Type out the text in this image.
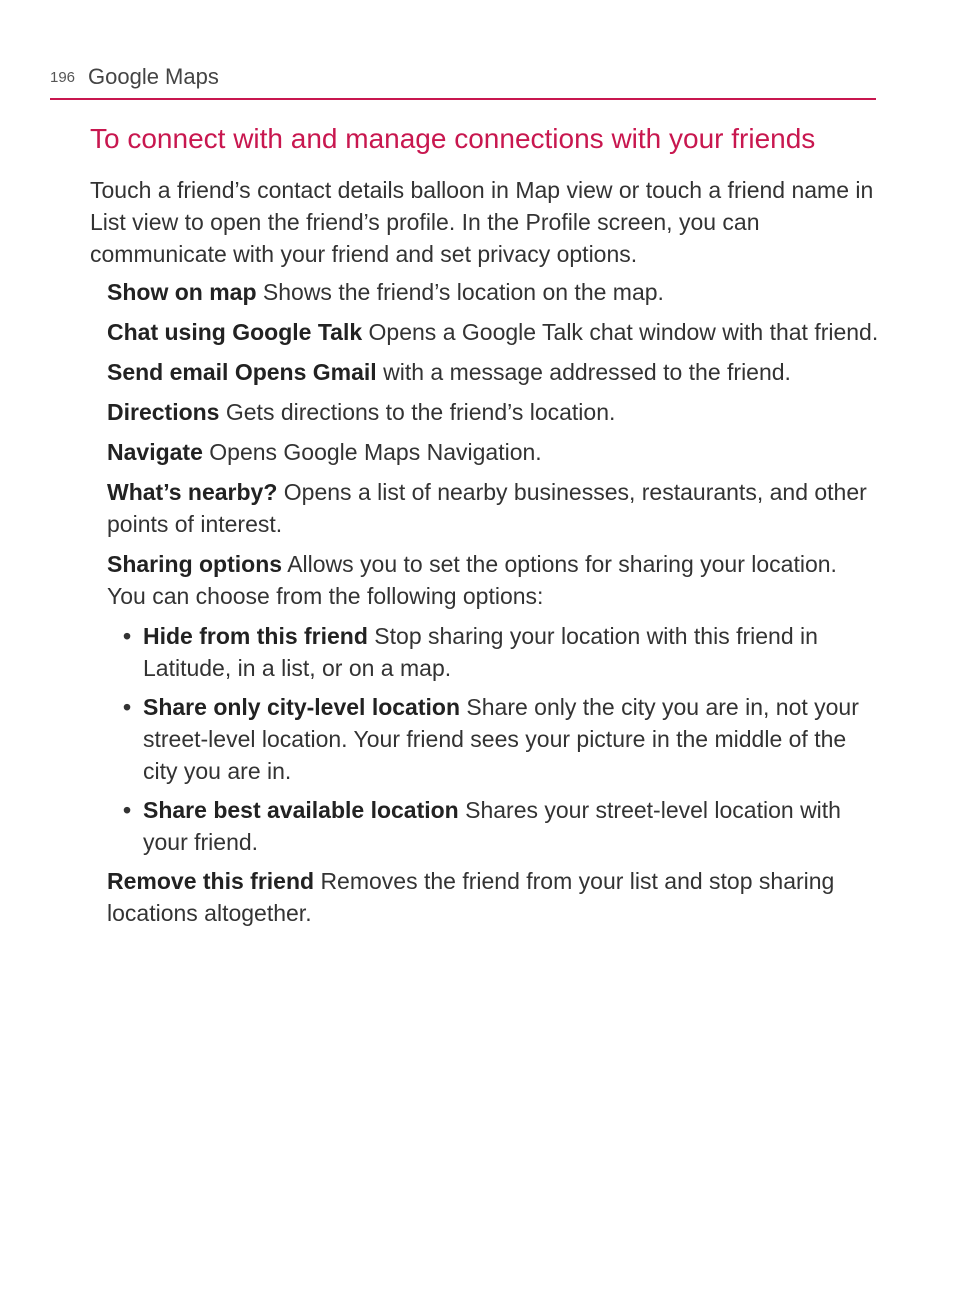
196 Google Maps
To connect with and manage connections with your friends

Touch a friend’s contact details balloon in Map view or touch a friend name in List view to open the friend’s profile. In the Profile screen, you can communicate with your friend and set privacy options.

Show on map Shows the friend’s location on the map.

Chat using Google Talk Opens a Google Talk chat window with that friend.

Send email Opens Gmail with a message addressed to the friend.

Directions Gets directions to the friend’s location.

Navigate Opens Google Maps Navigation.

What’s nearby? Opens a list of nearby businesses, restaurants, and other points of interest.

Sharing options Allows you to set the options for sharing your location. You can choose from the following options:

• Hide from this friend Stop sharing your location with this friend in Latitude, in a list, or on a map.
• Share only city-level location Share only the city you are in, not your street-level location. Your friend sees your picture in the middle of the city you are in.
• Share best available location Shares your street-level location with your friend.

Remove this friend Removes the friend from your list and stop sharing locations altogether.
